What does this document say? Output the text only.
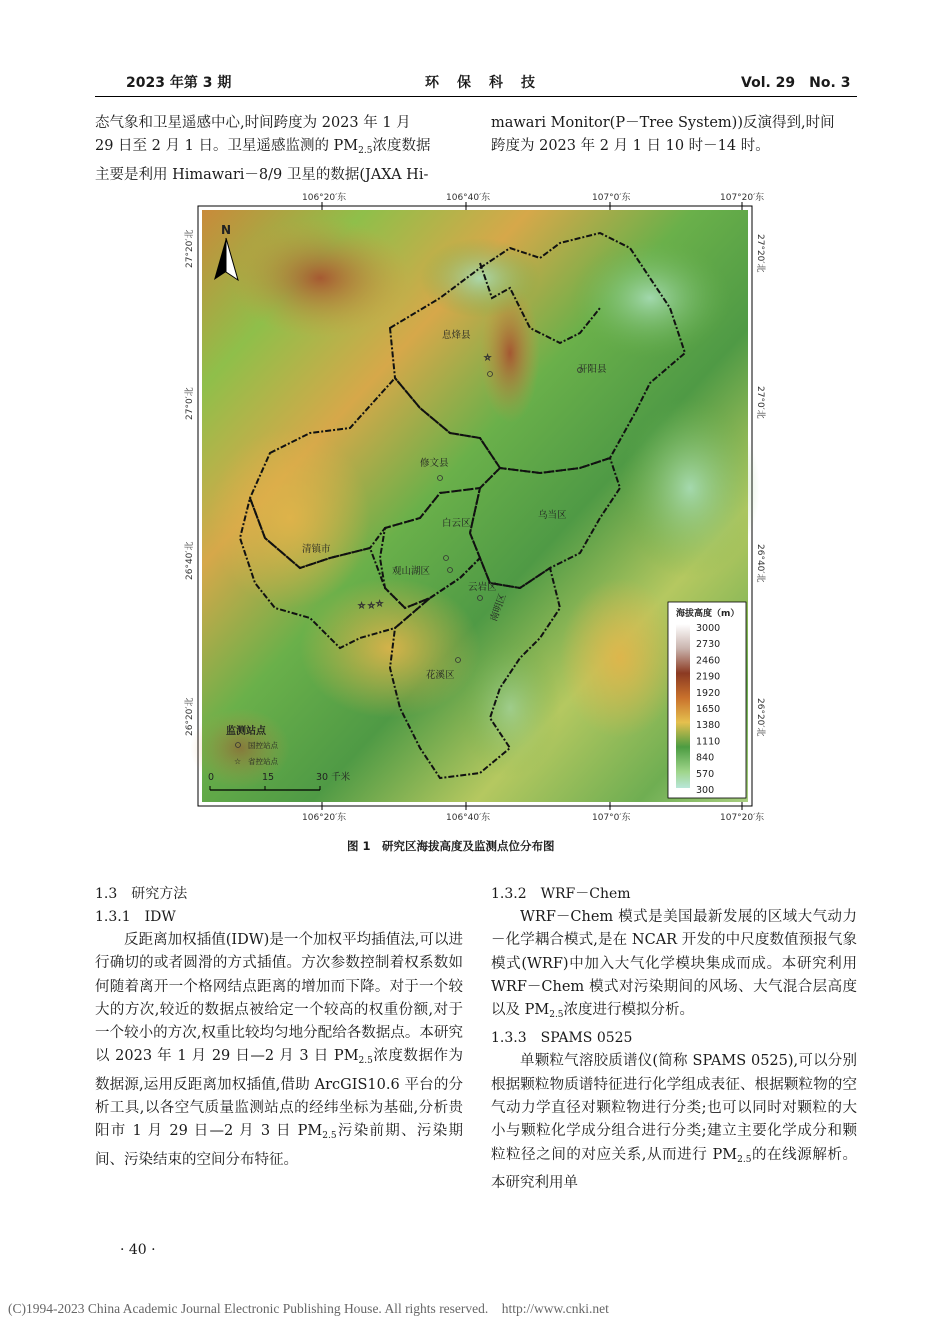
2023 年第 3 期	环　保　科　技	Vol. 29　No. 3

态气象和卫星遥感中心,时间跨度为 2023 年 1 月

29 日至 2 月 1 日。卫星遥感监测的 $PM_{2.5}$浓度数据

主要是利用 Himawari－8/9 卫星的数据(JAXA Hi-

mawari Monitor(P－Tree System))反演得到,时间

跨度为 2023 年 2 月 1 日 10 时－14 时。

106°20′东	106°40′东	107°0′东	107°20′东
106°20′东	106°40′东	107°0′东	107°20′东
27°20′北
27°0′北
26°40′北
26°20′北
27°20′北
27°0′北
26°40′北
26°20′北
N
息烽县
开阳县
修文县
白云区
乌当区
清镇市
观山湖区
云岩区
南明区
花溪区
☆
☆ ☆ ☆
监测站点
国控站点
☆ 省控站点
0	15	30 千米
海拔高度（m）
3000
2730
2460
2190
1920
1650
1380
1110
840
570
300
图 1　研究区海拔高度及监测点位分布图

1.3　研究方法

1.3.1　IDW

反距离加权插值(IDW)是一个加权平均插值法,可以进行确切的或者圆滑的方式插值。方次参数控制着权系数如何随着离开一个格网结点距离的增加而下降。对于一个较大的方次,较近的数据点被给定一个较高的权重份额,对于一个较小的方次,权重比较均匀地分配给各数据点。本研究以 2023 年 1 月 29 日—2 月 3 日 $PM_{2.5}$浓度数据作为数据源,运用反距离加权插值,借助 ArcGIS10.6 平台的分析工具,以各空气质量监测站点的经纬坐标为基础,分析贵阳市 1 月 29 日—2 月 3 日 $PM_{2.5}$污染前期、污染期间、污染结束的空间分布特征。

1.3.2　WRF－Chem

WRF－Chem 模式是美国最新发展的区域大气动力－化学耦合模式,是在 NCAR 开发的中尺度数值预报气象模式(WRF)中加入大气化学模块集成而成。本研究利用 WRF－Chem 模式对污染期间的风场、大气混合层高度以及 $PM_{2.5}$浓度进行模拟分析。

1.3.3　SPAMS 0525

单颗粒气溶胶质谱仪(简称 SPAMS 0525),可以分别根据颗粒物质谱特征进行化学组成表征、根据颗粒物的空气动力学直径对颗粒物进行分类;也可以同时对颗粒的大小与颗粒化学成分组合进行分类;建立主要化学成分和颗粒粒径之间的对应关系,从而进行 $PM_{2.5}$的在线源解析。本研究利用单

· 40 ·
(C)1994-2023 China Academic Journal Electronic Publishing House. All rights reserved.　http://www.cnki.net
